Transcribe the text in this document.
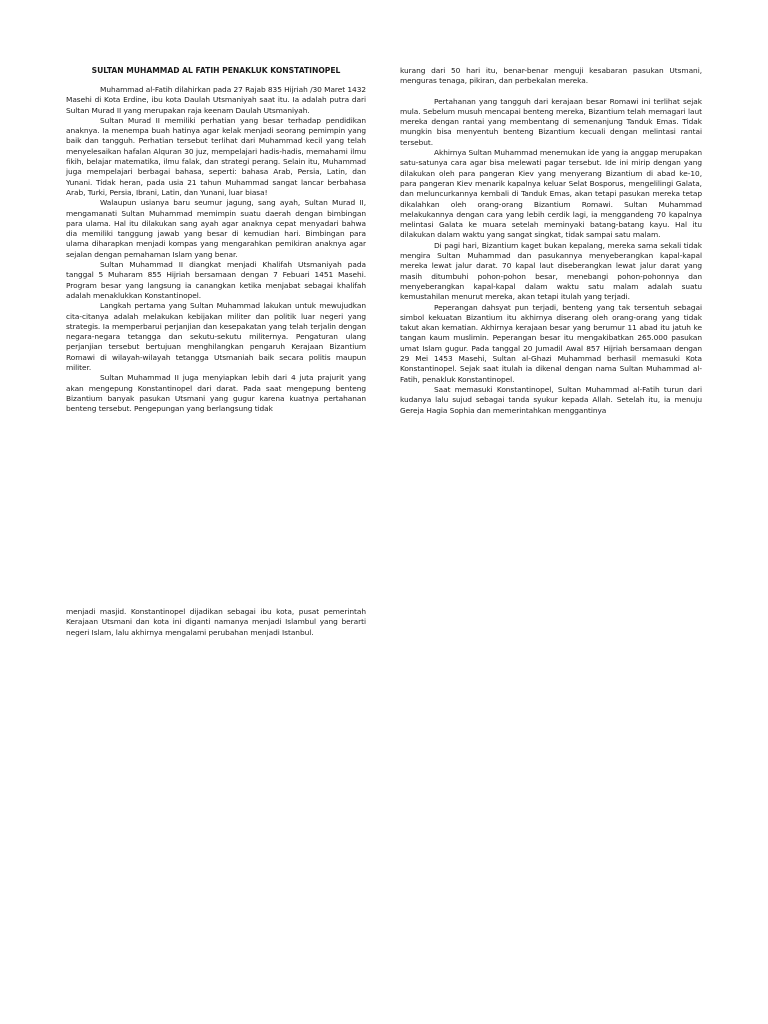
SULTAN MUHAMMAD AL FATIH PENAKLUK KONSTATINOPEL

Muhammad al-Fatih dilahirkan pada 27 Rajab 835 Hijriah /30 Maret 1432 Masehi di Kota Erdine, ibu kota Daulah Utsmaniyah saat itu. Ia adalah putra dari Sultan Murad II yang merupakan raja keenam Daulah Utsmaniyah.

Sultan Murad II memiliki perhatian yang besar terhadap pendidikan anaknya. Ia menempa buah hatinya agar kelak menjadi seorang pemimpin yang baik dan tangguh. Perhatian tersebut terlihat dari Muhammad kecil yang telah menyelesaikan hafalan Alquran 30 juz, mempelajari hadis-hadis, memahami ilmu fikih, belajar matematika, ilmu falak, dan strategi perang. Selain itu, Muhammad juga mempelajari berbagai bahasa, seperti: bahasa Arab, Persia, Latin, dan Yunani. Tidak heran, pada usia 21 tahun Muhammad sangat lancar berbahasa Arab, Turki, Persia, Ibrani, Latin, dan Yunani, luar biasa!

Walaupun usianya baru seumur jagung, sang ayah, Sultan Murad II, mengamanati Sultan Muhammad memimpin suatu daerah dengan bimbingan para ulama. Hal itu dilakukan sang ayah agar anaknya cepat menyadari bahwa dia memiliki tanggung jawab yang besar di kemudian hari. Bimbingan para ulama diharapkan menjadi kompas yang mengarahkan pemikiran anaknya agar sejalan dengan pemahaman Islam yang benar.

Sultan Muhammad II diangkat menjadi Khalifah Utsmaniyah pada tanggal 5 Muharam 855 Hijriah bersamaan dengan 7 Febuari 1451 Masehi. Program besar yang langsung ia canangkan ketika menjabat sebagai khalifah adalah menaklukkan Konstantinopel.

Langkah pertama yang Sultan Muhammad lakukan untuk mewujudkan cita-citanya adalah melakukan kebijakan militer dan politik luar negeri yang strategis. Ia memperbarui perjanjian dan kesepakatan yang telah terjalin dengan negara-negara tetangga dan sekutu-sekutu militernya. Pengaturan ulang perjanjian tersebut bertujuan menghilangkan pengaruh Kerajaan Bizantium Romawi di wilayah-wilayah tetangga Utsmaniah baik secara politis maupun militer.

Sultan Muhammad II juga menyiapkan lebih dari 4 juta prajurit yang akan mengepung Konstantinopel dari darat. Pada saat mengepung benteng Bizantium banyak pasukan Utsmani yang gugur karena kuatnya pertahanan benteng tersebut. Pengepungan yang berlangsung tidak

menjadi masjid. Konstantinopel dijadikan sebagai ibu kota, pusat pemerintah Kerajaan Utsmani dan kota ini diganti namanya menjadi Islambul yang berarti negeri Islam, lalu akhirnya mengalami perubahan menjadi Istanbul.

kurang dari 50 hari itu, benar-benar menguji kesabaran pasukan Utsmani, menguras tenaga, pikiran, dan perbekalan mereka.

Pertahanan yang tangguh dari kerajaan besar Romawi ini terlihat sejak mula. Sebelum musuh mencapai benteng mereka, Bizantium telah memagari laut mereka dengan rantai yang membentang di semenanjung Tanduk Emas. Tidak mungkin bisa menyentuh benteng Bizantium kecuali dengan melintasi rantai tersebut.

Akhirnya Sultan Muhammad menemukan ide yang ia anggap merupakan satu-satunya cara agar bisa melewati pagar tersebut. Ide ini mirip dengan yang dilakukan oleh para pangeran Kiev yang menyerang Bizantium di abad ke-10, para pangeran Kiev menarik kapalnya keluar Selat Bosporus, mengelilingi Galata, dan meluncurkannya kembali di Tanduk Emas, akan tetapi pasukan mereka tetap dikalahkan oleh orang-orang Bizantium Romawi. Sultan Muhammad melakukannya dengan cara yang lebih cerdik lagi, ia menggandeng 70 kapalnya melintasi Galata ke muara setelah meminyaki batang-batang kayu. Hal itu dilakukan dalam waktu yang sangat singkat, tidak sampai satu malam.

Di pagi hari, Bizantium kaget bukan kepalang, mereka sama sekali tidak mengira Sultan Muhammad dan pasukannya menyeberangkan kapal-kapal mereka lewat jalur darat. 70 kapal laut diseberangkan lewat jalur darat yang masih ditumbuhi pohon-pohon besar, menebangi pohon-pohonnya dan menyeberangkan kapal-kapal dalam waktu satu malam adalah suatu kemustahilan menurut mereka, akan tetapi itulah yang terjadi.

Peperangan dahsyat pun terjadi, benteng yang tak tersentuh sebagai simbol kekuatan Bizantium itu akhirnya diserang oleh orang-orang yang tidak takut akan kematian. Akhirnya kerajaan besar yang berumur 11 abad itu jatuh ke tangan kaum muslimin. Peperangan besar itu mengakibatkan 265.000 pasukan umat Islam gugur. Pada tanggal 20 Jumadil Awal 857 Hijriah bersamaan dengan 29 Mei 1453 Masehi, Sultan al-Ghazi Muhammad berhasil memasuki Kota Konstantinopel. Sejak saat itulah ia dikenal dengan nama Sultan Muhammad al-Fatih, penakluk Konstantinopel.

Saat memasuki Konstantinopel, Sultan Muhammad al-Fatih turun dari kudanya lalu sujud sebagai tanda syukur kepada Allah. Setelah itu, ia menuju Gereja Hagia Sophia dan memerintahkan menggantinya
